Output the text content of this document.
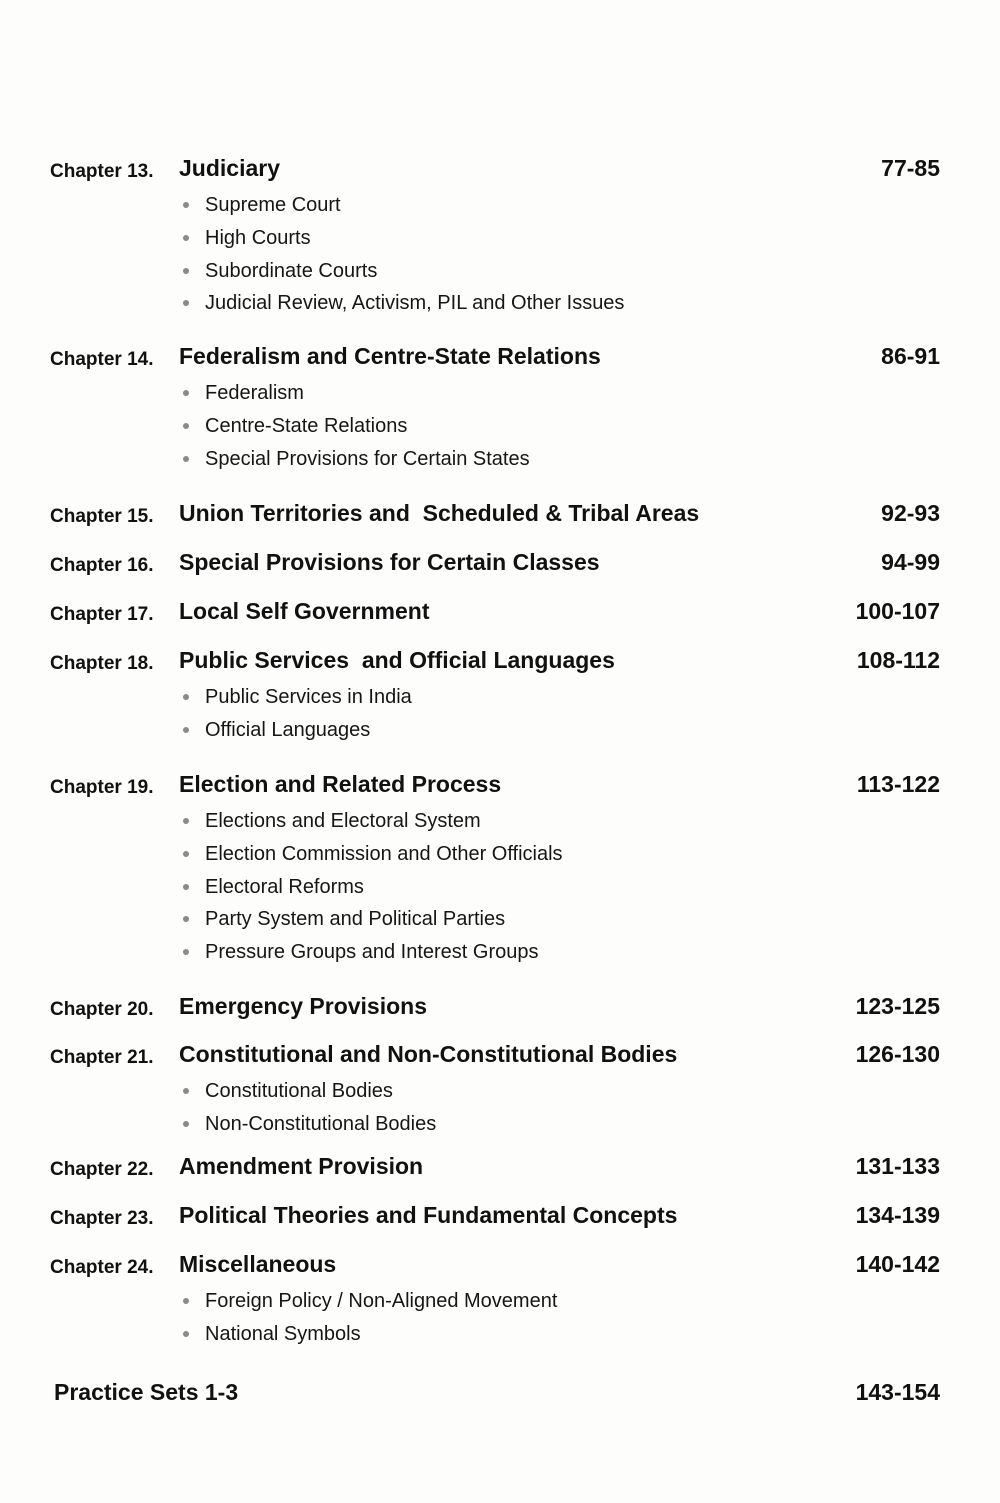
Chapter 13. Judiciary	77-85
Supreme Court
High Courts
Subordinate Courts
Judicial Review, Activism, PIL and Other Issues
Chapter 14. Federalism and Centre-State Relations	86-91
Federalism
Centre-State Relations
Special Provisions for Certain States
Chapter 15. Union Territories and  Scheduled & Tribal Areas	92-93
Chapter 16. Special Provisions for Certain Classes	94-99
Chapter 17. Local Self Government	100-107
Chapter 18. Public Services  and Official Languages	108-112
Public Services in India
Official Languages
Chapter 19. Election and Related Process	113-122
Elections and Electoral System
Election Commission and Other Officials
Electoral Reforms
Party System and Political Parties
Pressure Groups and Interest Groups
Chapter 20. Emergency Provisions	123-125
Chapter 21. Constitutional and Non-Constitutional Bodies	126-130
Constitutional Bodies
Non-Constitutional Bodies
Chapter 22. Amendment Provision	131-133
Chapter 23. Political Theories and Fundamental Concepts	134-139
Chapter 24. Miscellaneous	140-142
Foreign Policy / Non-Aligned Movement
National Symbols
Practice Sets 1-3	143-154
